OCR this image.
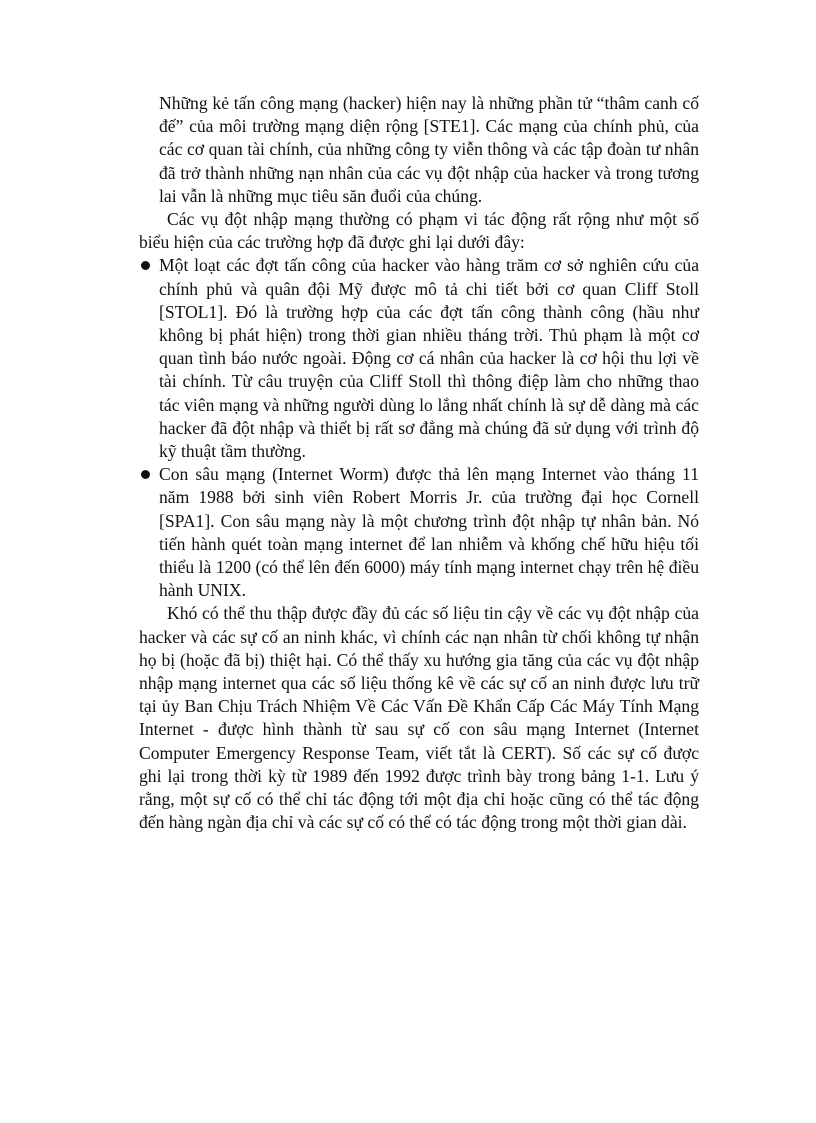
Những kẻ tấn công mạng (hacker) hiện nay là những phần tử “thâm canh cố đế” của môi trường mạng diện rộng [STE1]. Các mạng của chính phủ, của các cơ quan tài chính, của những công ty viễn thông và các tập đoàn tư nhân đã trở thành những nạn nhân của các vụ đột nhập của hacker và trong tương lai vẫn là những mục tiêu săn đuổi của chúng.

Các vụ đột nhập mạng thường có phạm vi tác động rất rộng như một số biểu hiện của các trường hợp đã được ghi lại dưới đây:

Một loạt các đợt tấn công của hacker vào hàng trăm cơ sở nghiên cứu của chính phủ và quân đội Mỹ được mô tả chi tiết bởi cơ quan Cliff Stoll [STOL1]. Đó là trường hợp của các đợt tấn công thành công (hầu như không bị phát hiện) trong thời gian nhiều tháng trời. Thủ phạm là một cơ quan tình báo nước ngoài. Động cơ cá nhân của hacker là cơ hội thu lợi về tài chính. Từ câu truyện của Cliff Stoll thì thông điệp làm cho những thao tác viên mạng và những người dùng lo lắng nhất chính là sự dễ dàng mà các hacker đã đột nhập và thiết bị rất sơ đẳng mà chúng đã sử dụng với trình độ kỹ thuật tầm thường.
Con sâu mạng (Internet Worm) được thả lên mạng Internet vào tháng 11 năm 1988 bởi sinh viên Robert Morris Jr. của trường đại học Cornell [SPA1]. Con sâu mạng này là một chương trình đột nhập tự nhân bản. Nó tiến hành quét toàn mạng internet để lan nhiễm và khống chế hữu hiệu tối thiểu là 1200 (có thể lên đến 6000) máy tính mạng internet chạy trên hệ điều hành UNIX.

Khó có thể thu thập được đầy đủ các số liệu tin cậy về các vụ đột nhập của hacker và các sự cố an ninh khác, vì chính các nạn nhân từ chối không tự nhận họ bị (hoặc đã bị) thiệt hại. Có thể thấy xu hướng gia tăng của các vụ đột nhập nhập mạng internet qua các số liệu thống kê về các sự cố an ninh được lưu trữ tại ủy Ban Chịu Trách Nhiệm Về Các Vấn Đề Khẩn Cấp Các Máy Tính Mạng Internet - được hình thành từ sau sự cố con sâu mạng Internet (Internet Computer Emergency Response Team, viết tắt là CERT). Số các sự cố được ghi lại trong thời kỳ từ 1989 đến 1992 được trình bày trong bảng 1-1. Lưu ý rằng, một sự cố có thể chỉ tác động tới một địa chỉ hoặc cũng có thể tác động đến hàng ngàn địa chỉ và các sự cố có thể có tác động trong một thời gian dài.
